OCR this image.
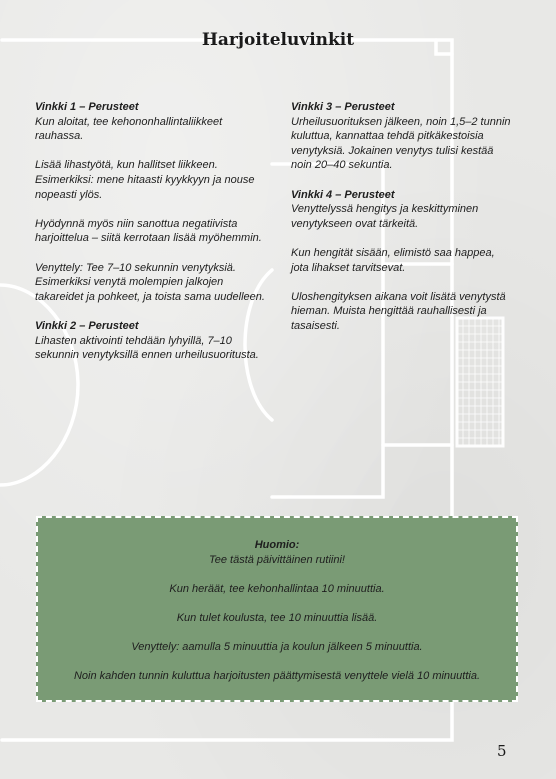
Harjoiteluvinkit

Vinkki 1 – Perusteet
Kun aloitat, tee kehononhallintaliikkeet rauhassa.

Lisää lihastyötä, kun hallitset liikkeen. Esimerkiksi: mene hitaasti kyykkyyn ja nouse nopeasti ylös.

Hyödynnä myös niin sanottua negatiivista harjoittelua – siitä kerrotaan lisää myöhemmin.

Venyttely: Tee 7–10 sekunnin venytyksiä. Esimerkiksi venytä molempien jalkojen takareidet ja pohkeet, ja toista sama uudelleen.

Vinkki 2 – Perusteet
Lihasten aktivointi tehdään lyhyillä, 7–10 sekunnin venytyksillä ennen urheilusuoritusta.

Vinkki 3 – Perusteet
Urheilusuorituksen jälkeen, noin 1,5–2 tunnin kuluttua, kannattaa tehdä pitkäkestoisia venytyksiä. Jokainen venytys tulisi kestää noin 20–40 sekuntia.

Vinkki 4 – Perusteet
Venyttelyssä hengitys ja keskittyminen venytykseen ovat tärkeitä.

Kun hengität sisään, elimistö saa happea, jota lihakset tarvitsevat.

Uloshengityksen aikana voit lisätä venytystä hieman. Muista hengittää rauhallisesti ja tasaisesti.

Huomio:

Tee tästä päivittäinen rutiini!

Kun heräät, tee kehonhallintaa 10 minuuttia.

Kun tulet koulusta, tee 10 minuuttia lisää.

Venyttely: aamulla 5 minuuttia ja koulun jälkeen 5 minuuttia.

Noin kahden tunnin kuluttua harjoitusten päättymisestä venyttele vielä 10 minuuttia.

5
